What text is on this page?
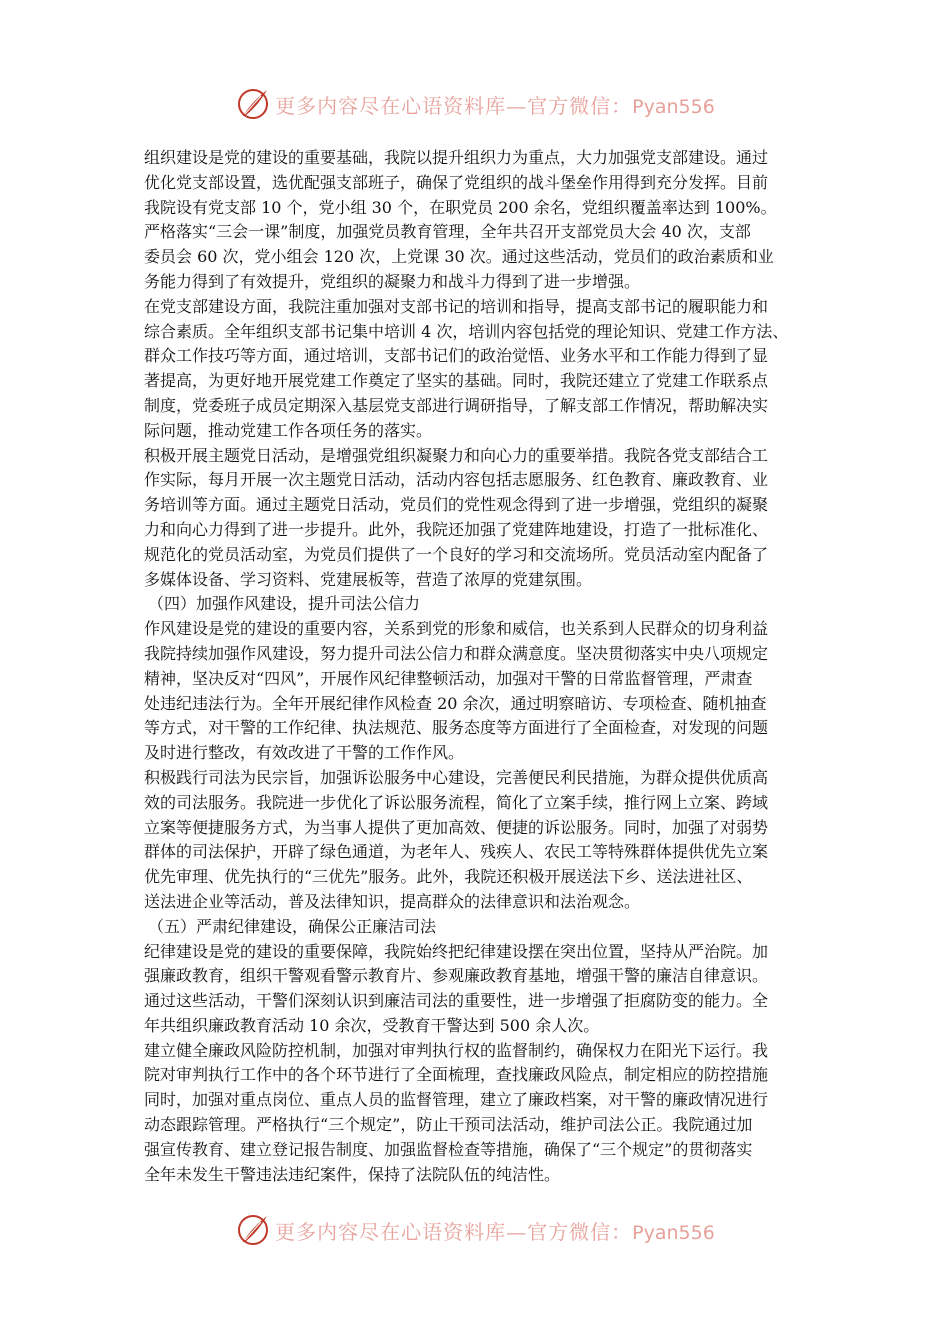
更多内容尽在心语资料库—官方微信：Pyan556
组织建设是党的建设的重要基础，我院以提升组织力为重点，大力加强党支部建设。通过
优化党支部设置，选优配强支部班子，确保了党组织的战斗堡垒作用得到充分发挥。目前
我院设有党支部 10 个，党小组 30 个，在职党员 200 余名，党组织覆盖率达到 100%。
严格落实“三会一课”制度，加强党员教育管理，全年共召开支部党员大会 40 次，支部
委员会 60 次，党小组会 120 次，上党课 30 次。通过这些活动，党员们的政治素质和业
务能力得到了有效提升，党组织的凝聚力和战斗力得到了进一步增强。
在党支部建设方面，我院注重加强对支部书记的培训和指导，提高支部书记的履职能力和
综合素质。全年组织支部书记集中培训 4 次，培训内容包括党的理论知识、党建工作方法、
群众工作技巧等方面，通过培训，支部书记们的政治觉悟、业务水平和工作能力得到了显
著提高，为更好地开展党建工作奠定了坚实的基础。同时，我院还建立了党建工作联系点
制度，党委班子成员定期深入基层党支部进行调研指导，了解支部工作情况，帮助解决实
际问题，推动党建工作各项任务的落实。
积极开展主题党日活动，是增强党组织凝聚力和向心力的重要举措。我院各党支部结合工
作实际，每月开展一次主题党日活动，活动内容包括志愿服务、红色教育、廉政教育、业
务培训等方面。通过主题党日活动，党员们的党性观念得到了进一步增强，党组织的凝聚
力和向心力得到了进一步提升。此外，我院还加强了党建阵地建设，打造了一批标准化、
规范化的党员活动室，为党员们提供了一个良好的学习和交流场所。党员活动室内配备了
多媒体设备、学习资料、党建展板等，营造了浓厚的党建氛围。
（四）加强作风建设，提升司法公信力
作风建设是党的建设的重要内容，关系到党的形象和威信，也关系到人民群众的切身利益
我院持续加强作风建设，努力提升司法公信力和群众满意度。坚决贯彻落实中央八项规定
精神，坚决反对“四风”，开展作风纪律整顿活动，加强对干警的日常监督管理，严肃查
处违纪违法行为。全年开展纪律作风检查 20 余次，通过明察暗访、专项检查、随机抽查
等方式，对干警的工作纪律、执法规范、服务态度等方面进行了全面检查，对发现的问题
及时进行整改，有效改进了干警的工作作风。
积极践行司法为民宗旨，加强诉讼服务中心建设，完善便民利民措施，为群众提供优质高
效的司法服务。我院进一步优化了诉讼服务流程，简化了立案手续，推行网上立案、跨域
立案等便捷服务方式，为当事人提供了更加高效、便捷的诉讼服务。同时，加强了对弱势
群体的司法保护，开辟了绿色通道，为老年人、残疾人、农民工等特殊群体提供优先立案
优先审理、优先执行的“三优先”服务。此外，我院还积极开展送法下乡、送法进社区、
送法进企业等活动，普及法律知识，提高群众的法律意识和法治观念。
（五）严肃纪律建设，确保公正廉洁司法
纪律建设是党的建设的重要保障，我院始终把纪律建设摆在突出位置，坚持从严治院。加
强廉政教育，组织干警观看警示教育片、参观廉政教育基地，增强干警的廉洁自律意识。
通过这些活动，干警们深刻认识到廉洁司法的重要性，进一步增强了拒腐防变的能力。全
年共组织廉政教育活动 10 余次，受教育干警达到 500 余人次。
建立健全廉政风险防控机制，加强对审判执行权的监督制约，确保权力在阳光下运行。我
院对审判执行工作中的各个环节进行了全面梳理，查找廉政风险点，制定相应的防控措施
同时，加强对重点岗位、重点人员的监督管理，建立了廉政档案，对干警的廉政情况进行
动态跟踪管理。严格执行“三个规定”，防止干预司法活动，维护司法公正。我院通过加
强宣传教育、建立登记报告制度、加强监督检查等措施，确保了“三个规定”的贯彻落实
全年未发生干警违法违纪案件，保持了法院队伍的纯洁性。
更多内容尽在心语资料库—官方微信：Pyan556
